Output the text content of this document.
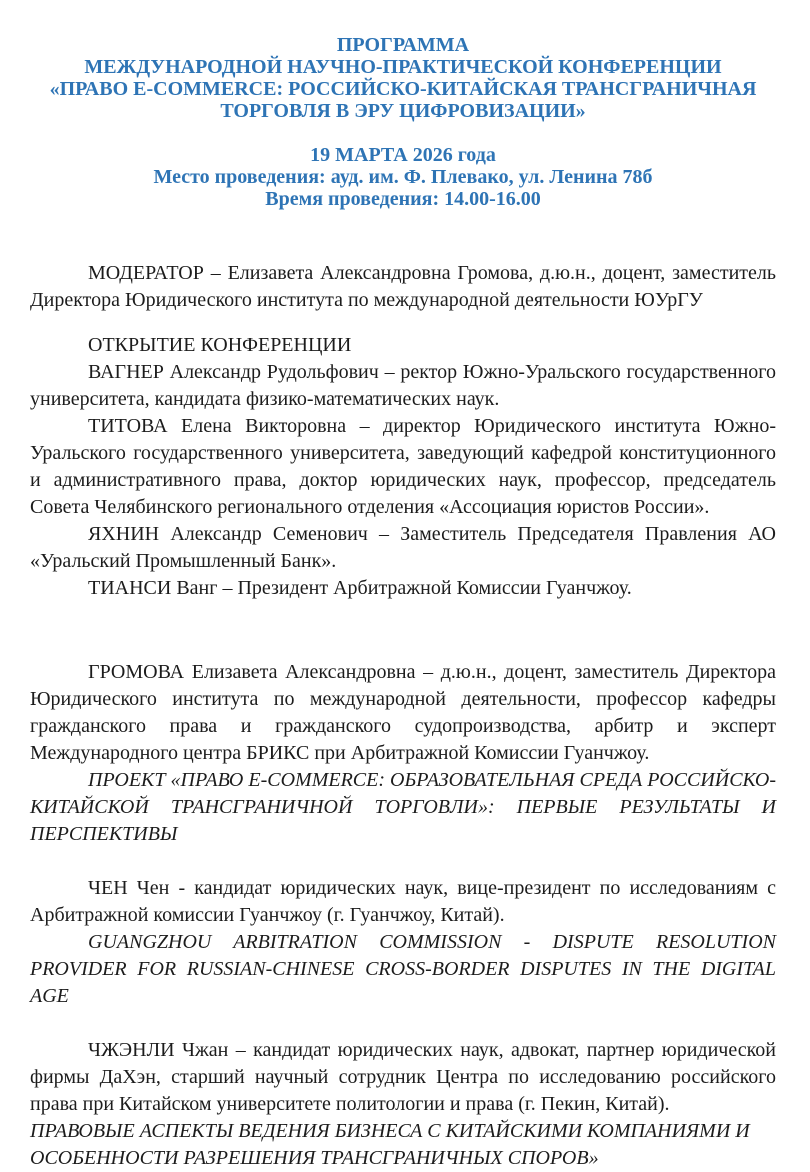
ПРОГРАММА
МЕЖДУНАРОДНОЙ НАУЧНО-ПРАКТИЧЕСКОЙ КОНФЕРЕНЦИИ
«ПРАВО E-COMMERCE: РОССИЙСКО-КИТАЙСКАЯ ТРАНСГРАНИЧНАЯ ТОРГОВЛЯ В ЭРУ ЦИФРОВИЗАЦИИ»
19 МАРТА 2026 года
Место проведения: ауд. им. Ф. Плевако, ул. Ленина 78б
Время проведения: 14.00-16.00

МОДЕРАТОР – Елизавета Александровна Громова, д.ю.н., доцент, заместитель Директора Юридического института по международной деятельности ЮУрГУ

ОТКРЫТИЕ КОНФЕРЕНЦИИ

ВАГНЕР Александр Рудольфович – ректор Южно-Уральского государственного университета, кандидата физико-математических наук.

ТИТОВА Елена Викторовна – директор Юридического института Южно-Уральского государственного университета, заведующий кафедрой конституционного и административного права, доктор юридических наук, профессор, председатель Совета Челябинского регионального отделения «Ассоциация юристов России».

ЯХНИН Александр Семенович – Заместитель Председателя Правления АО «Уральский Промышленный Банк».

ТИАНСИ Ванг – Президент Арбитражной Комиссии Гуанчжоу.

ГРОМОВА Елизавета Александровна – д.ю.н., доцент, заместитель Директора Юридического института по международной деятельности, профессор кафедры гражданского права и гражданского судопроизводства, арбитр и эксперт Международного центра БРИКС при Арбитражной Комиссии Гуанчжоу.

ПРОЕКТ «ПРАВО E-COMMERCE: ОБРАЗОВАТЕЛЬНАЯ СРЕДА РОССИЙСКО-КИТАЙСКОЙ ТРАНСГРАНИЧНОЙ ТОРГОВЛИ»: ПЕРВЫЕ РЕЗУЛЬТАТЫ И ПЕРСПЕКТИВЫ

ЧЕН Чен - кандидат юридических наук, вице-президент по исследованиям с Арбитражной комиссии Гуанчжоу (г. Гуанчжоу, Китай).

GUANGZHOU ARBITRATION COMMISSION - DISPUTE RESOLUTION PROVIDER FOR RUSSIAN-CHINESE CROSS-BORDER DISPUTES IN THE DIGITAL AGE

ЧЖЭНЛИ Чжан – кандидат юридических наук, адвокат, партнер юридической фирмы ДаХэн, старший научный сотрудник Центра по исследованию российского права при Китайском университете политологии и права (г. Пекин, Китай).

ПРАВОВЫЕ АСПЕКТЫ ВЕДЕНИЯ БИЗНЕСА С КИТАЙСКИМИ КОМПАНИЯМИ И ОСОБЕННОСТИ РАЗРЕШЕНИЯ ТРАНСГРАНИЧНЫХ СПОРОВ»
